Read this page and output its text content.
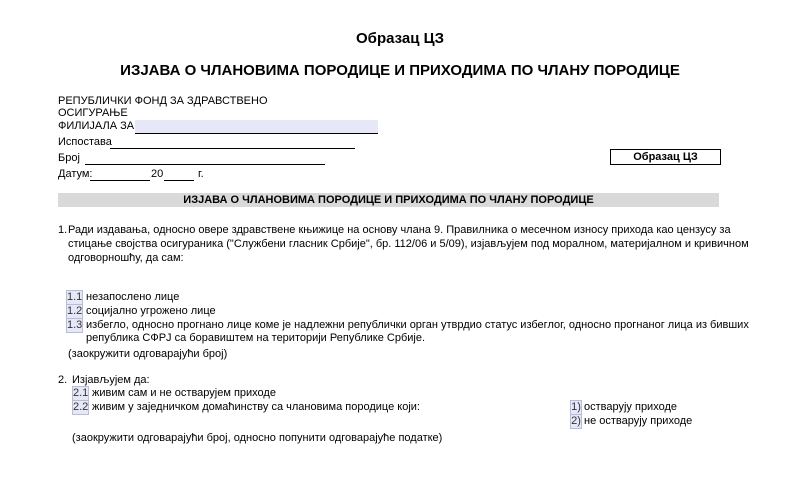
Образац ЦЗ
ИЗЈАВА О ЧЛАНОВИМА ПОРОДИЦЕ И ПРИХОДИМА ПО ЧЛАНУ ПОРОДИЦЕ
РЕПУБЛИЧКИ ФОНД ЗА ЗДРАВСТВЕНО
ОСИГУРАЊЕ
ФИЛИЈАЛА ЗА
Испостава
Број
Датум:	20	г.
Образац ЦЗ
ИЗЈАВА О ЧЛАНОВИМА ПОРОДИЦЕ И ПРИХОДИМА ПО ЧЛАНУ ПОРОДИЦЕ
1. Ради издавања, односно овере здравствене књижице на основу члана 9. Правилника о месечном износу прихода као цензусу за
стицање својства осигураника ("Службени гласник Србије", бр. 112/06 и 5/09), изјављујем под моралном, материјалном и кривичном
одговорношћу, да сам:
1.1 незапослено лице
1.2 социјално угрожено лице
1.3 избегло, односно прогнано лице коме је надлежни републички орган утврдио статус избеглог, односно прогнаног лица из бивших
република СФРЈ са боравиштем на територији Републике Србије.
(заокружити одговарајући број)
2. Изјављујем да:
2.1 живим сам и не остварујем приходе
2.2 живим у заједничком домаћинству са члановима породице који:	1) остварују приходе
2) не остварују приходе
(заокружити одговарајући број, односно попунити одговарајуће податке)
